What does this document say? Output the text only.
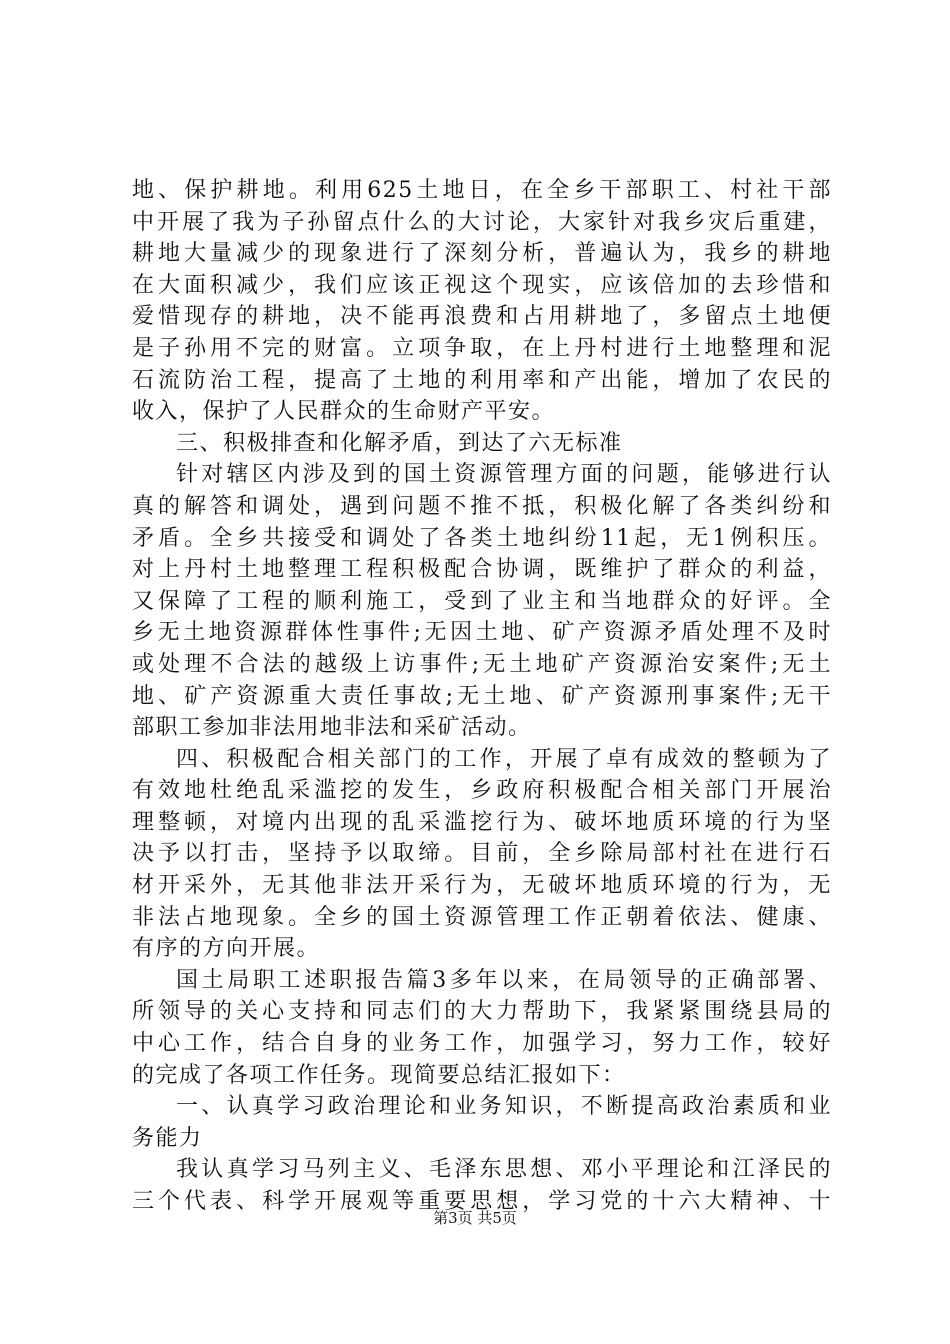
地、保护耕地。利用625土地日，在全乡干部职工、村社干部
中开展了我为子孙留点什么的大讨论，大家针对我乡灾后重建，
耕地大量减少的现象进行了深刻分析，普遍认为，我乡的耕地
在大面积减少，我们应该正视这个现实，应该倍加的去珍惜和
爱惜现存的耕地，决不能再浪费和占用耕地了，多留点土地便
是子孙用不完的财富。立项争取，在上丹村进行土地整理和泥
石流防治工程，提高了土地的利用率和产出能，增加了农民的
收入，保护了人民群众的生命财产平安。
三、积极排查和化解矛盾，到达了六无标准
针对辖区内涉及到的国土资源管理方面的问题，能够进行认
真的解答和调处，遇到问题不推不抵，积极化解了各类纠纷和
矛盾。全乡共接受和调处了各类土地纠纷11起，无1例积压。
对上丹村土地整理工程积极配合协调，既维护了群众的利益，
又保障了工程的顺利施工，受到了业主和当地群众的好评。全
乡无土地资源群体性事件;无因土地、矿产资源矛盾处理不及时
或处理不合法的越级上访事件;无土地矿产资源治安案件;无土
地、矿产资源重大责任事故;无土地、矿产资源刑事案件;无干
部职工参加非法用地非法和采矿活动。
四、积极配合相关部门的工作，开展了卓有成效的整顿为了
有效地杜绝乱采滥挖的发生，乡政府积极配合相关部门开展治
理整顿，对境内出现的乱采滥挖行为、破坏地质环境的行为坚
决予以打击，坚持予以取缔。目前，全乡除局部村社在进行石
材开采外，无其他非法开采行为，无破坏地质环境的行为，无
非法占地现象。全乡的国土资源管理工作正朝着依法、健康、
有序的方向开展。
国土局职工述职报告篇3多年以来，在局领导的正确部署、
所领导的关心支持和同志们的大力帮助下，我紧紧围绕县局的
中心工作，结合自身的业务工作，加强学习，努力工作，较好
的完成了各项工作任务。现简要总结汇报如下：
一、认真学习政治理论和业务知识，不断提高政治素质和业
务能力
我认真学习马列主义、毛泽东思想、邓小平理论和江泽民的
三个代表、科学开展观等重要思想，学习党的十六大精神、十
第3页 共5页
